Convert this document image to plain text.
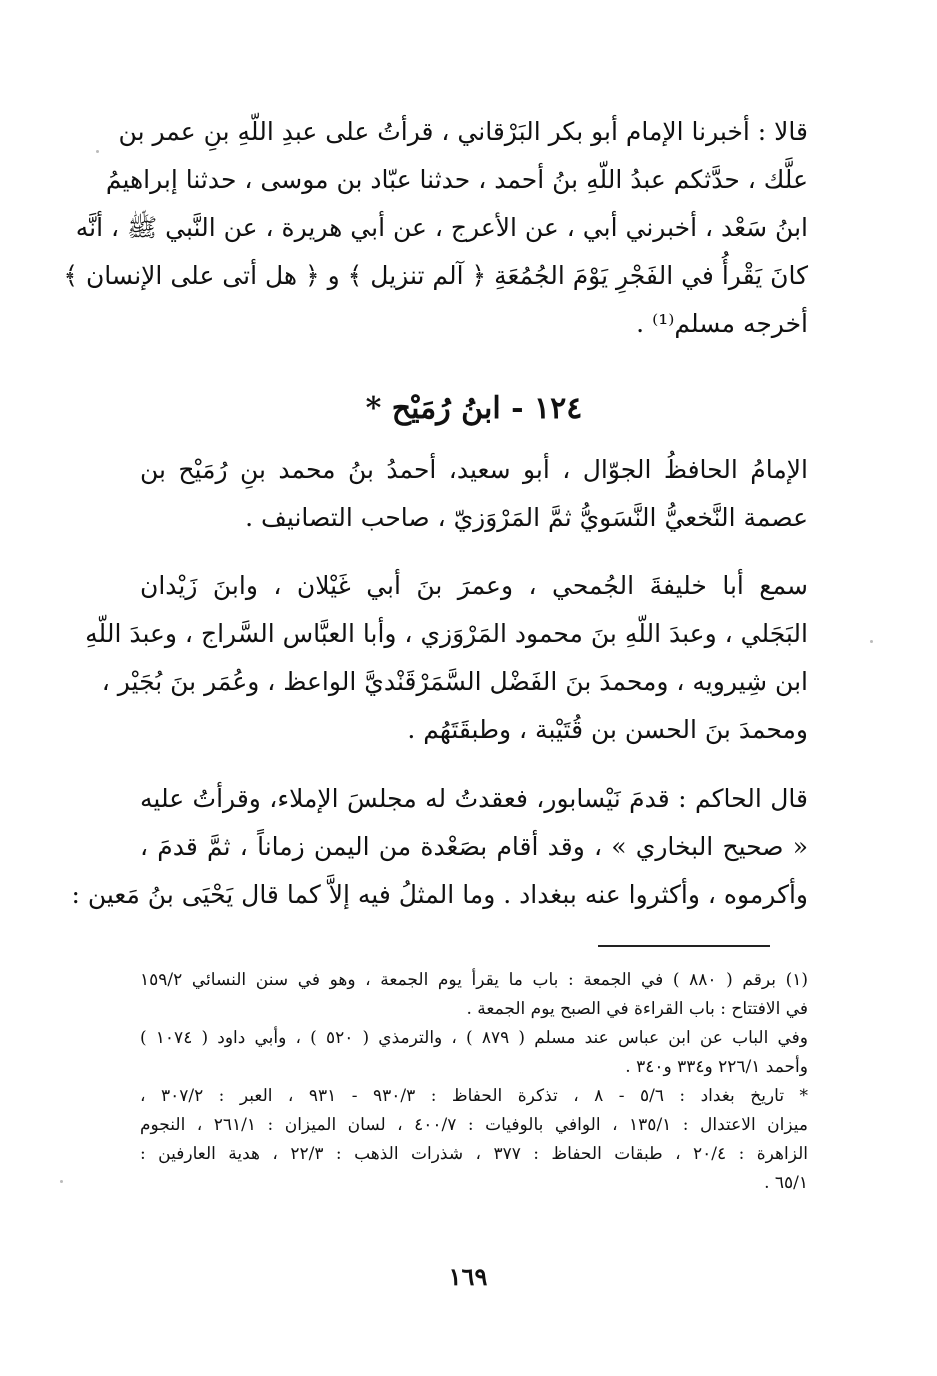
قالا : أخبرنا الإمام أبو بكر البَرْقاني ، قرأتُ على عبدِ اللّهِ بنِ عمر بن
علَّك ، حدَّثكم عبدُ اللّهِ بنُ أحمد ، حدثنا عبّاد بن موسى ، حدثنا إبراهيمُ
ابنُ سَعْد ، أخبرني أبي ، عن الأعرج ، عن أبي هريرة ، عن النَّبي ﷺ ، أنَّه
كانَ يَقْرأُ في الفَجْرِ يَوْمَ الجُمُعَةِ ﴿ آلم تنزيل ﴾ و ﴿ هل أتى على الإنسان ﴾
أخرجه مسلم⁽¹⁾ .
١٢٤ - ابنُ رُمَيْح *
الإمامُ الحافظُ الجوّال ، أبو سعيد، أحمدُ بنُ محمد بنِ رُمَيْح بن
عصمة النَّخعيُّ النَّسَويُّ ثمَّ المَرْوَزيّ ، صاحب التصانيف .
سمع أبا خليفةَ الجُمحي ، وعمرَ بنَ أبي غَيْلان ، وابنَ زَيْدان
البَجَلي ، وعبدَ اللّهِ بنَ محمود المَرْوَزي ، وأبا العبَّاس السَّراج ، وعبدَ اللّهِ
ابن شِيرويه ، ومحمدَ بنَ الفَضْل السَّمَرْقَنْديَّ الواعظ ، وعُمَر بنَ بُجَيْر ،
ومحمدَ بنَ الحسن بن قُتَيْبة ، وطبقَتَهُم .
قال الحاكم : قدمَ نَيْسابور، فعقدتُ له مجلسَ الإملاء، وقرأتُ عليه
« صحيح البخاري » ، وقد أقام بصَعْدة من اليمن زماناً ، ثمَّ قدمَ ،
وأكرموه ، وأكثروا عنه ببغداد . وما المثلُ فيه إلاَّ كما قال يَحْيَى بنُ مَعين :
(١) برقم ( ٨٨٠ ) في الجمعة : باب ما يقرأ يوم الجمعة ، وهو في سنن النسائي ١٥٩/٢
في الافتتاح : باب القراءة في الصبح يوم الجمعة .
وفي الباب عن ابن عباس عند مسلم ( ٨٧٩ ) ، والترمذي ( ٥٢٠ ) ، وأبي داود ( ١٠٧٤ )
وأحمد ٢٢٦/١ و٣٣٤ و٣٤٠ .
* تاريخ بغداد : ٥/٦ - ٨ ، تذكرة الحفاظ : ٩٣٠/٣ - ٩٣١ ، العبر : ٣٠٧/٢ ،
ميزان الاعتدال : ١٣٥/١ ، الوافي بالوفيات : ٤٠٠/٧ ، لسان الميزان : ٢٦١/١ ، النجوم
الزاهرة : ٢٠/٤ ، طبقات الحفاظ : ٣٧٧ ، شذرات الذهب : ٢٢/٣ ، هدية العارفين :
٦٥/١ .
١٦٩
